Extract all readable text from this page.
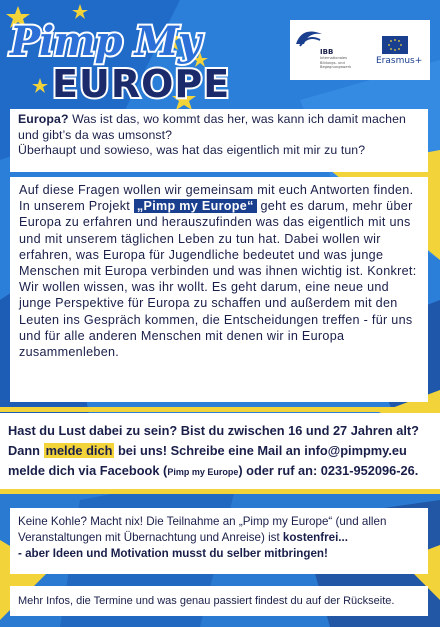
Pimp My
EUROPE
IBB
Internationales Bildungs- und Begegnungswerk
Erasmus+
Europa? Was ist das, wo kommt das her, was kann ich damit machen und gibt’s da was umsonst?
Überhaupt und sowieso, was hat das eigentlich mit mir zu tun?
Auf diese Fragen wollen wir gemeinsam mit euch Antworten finden. In unserem Projekt „Pimp my Europe“ geht es darum, mehr über Europa zu erfahren und herauszufinden was das eigentlich mit uns und mit unserem täglichen Leben zu tun hat. Dabei wollen wir erfahren, was Europa für Jugendliche bedeutet und was junge Menschen mit Europa verbinden und was ihnen wichtig ist. Konkret: Wir wollen wissen, was ihr wollt. Es geht darum, eine neue und junge Perspektive für Europa zu schaffen und außerdem mit den Leuten ins Gespräch kommen, die Entscheidungen treffen - für uns und für alle anderen Menschen mit denen wir in Europa zusammenleben.
Hast du Lust dabei zu sein? Bist du zwischen 16 und 27 Jahren alt?
Dann melde dich bei uns! Schreibe eine Mail an info@pimpmy.eu
melde dich via Facebook (Pimp my Europe) oder ruf an: 0231-952096-26.
Keine Kohle? Macht nix! Die Teilnahme an „Pimp my Europe“ (und allen Veranstaltungen mit Übernachtung und Anreise) ist kostenfrei...
- aber Ideen und Motivation musst du selber mitbringen!
Mehr Infos, die Termine und was genau passiert findest du auf der Rückseite.
